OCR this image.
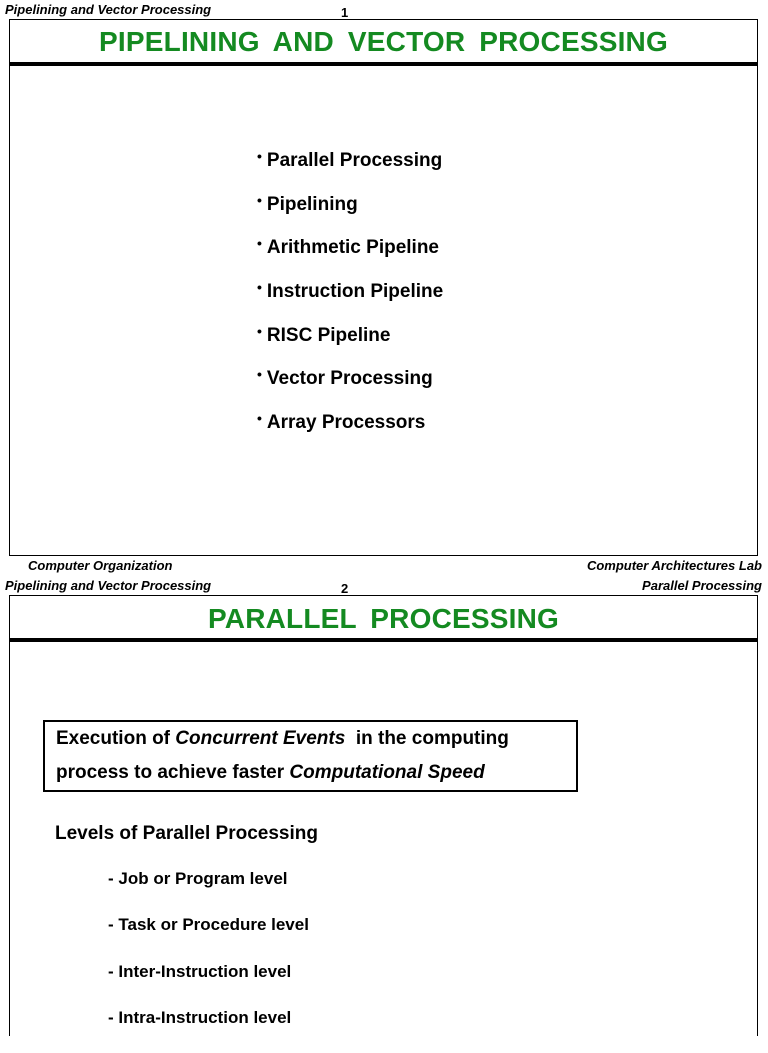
Pipelining and Vector Processing	1
PIPELINING AND VECTOR PROCESSING
• Parallel Processing
• Pipelining
• Arithmetic Pipeline
• Instruction Pipeline
• RISC Pipeline
• Vector Processing
• Array Processors
Computer Organization	Computer Architectures Lab
Pipelining and Vector Processing	2	Parallel Processing
PARALLEL PROCESSING
Execution of Concurrent Events  in the computing
process to achieve faster Computational Speed
Levels of Parallel Processing
- Job or Program level
- Task or Procedure level
- Inter-Instruction level
- Intra-Instruction level
